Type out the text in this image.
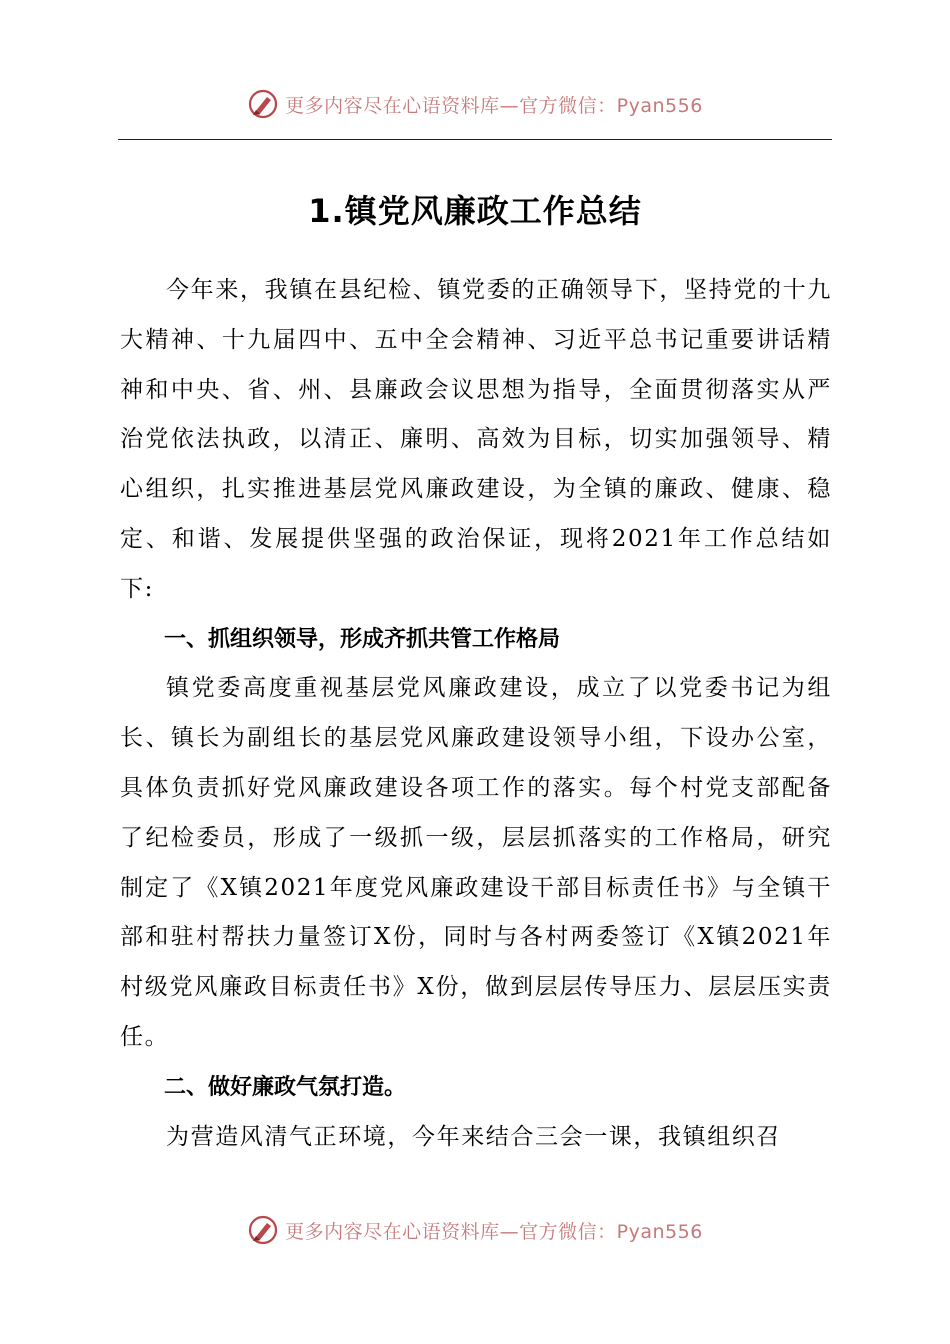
更多内容尽在心语资料库—官方微信：Pyan556
1.镇党风廉政工作总结

今年来，我镇在县纪检、镇党委的正确领导下，坚持党的十九大精神、十九届四中、五中全会精神、习近平总书记重要讲话精神和中央、省、州、县廉政会议思想为指导，全面贯彻落实从严治党依法执政，以清正、廉明、高效为目标，切实加强领导、精心组织，扎实推进基层党风廉政建设，为全镇的廉政、健康、稳定、和谐、发展提供坚强的政治保证，现将2021年工作总结如下:

一、抓组织领导，形成齐抓共管工作格局

镇党委高度重视基层党风廉政建设，成立了以党委书记为组长、镇长为副组长的基层党风廉政建设领导小组，下设办公室，具体负责抓好党风廉政建设各项工作的落实。每个村党支部配备了纪检委员，形成了一级抓一级，层层抓落实的工作格局，研究制定了《X镇2021年度党风廉政建设干部目标责任书》与全镇干部和驻村帮扶力量签订X份，同时与各村两委签订《X镇2021年村级党风廉政目标责任书》X份，做到层层传导压力、层层压实责任。

二、做好廉政气氛打造。

为营造风清气正环境，今年来结合三会一课，我镇组织召

更多内容尽在心语资料库—官方微信：Pyan556
